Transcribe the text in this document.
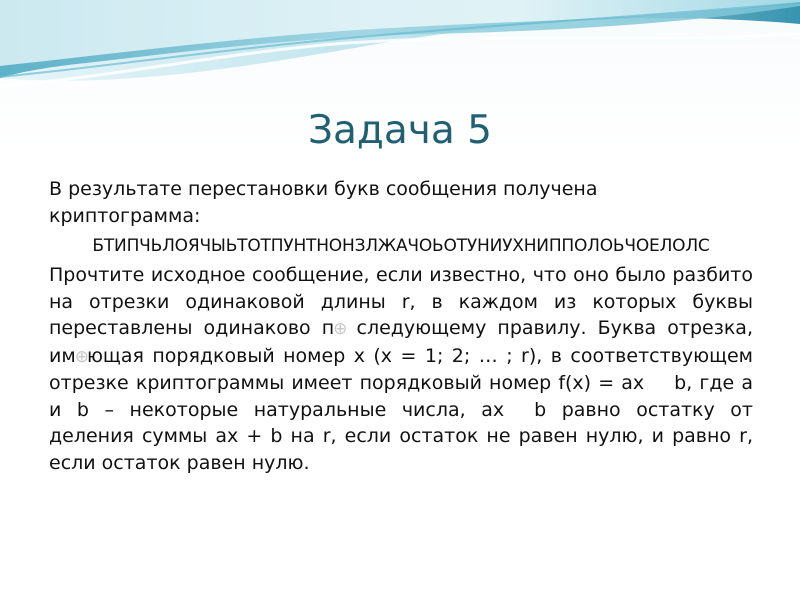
Задача 5

В результате перестановки букв сообщения получена криптограмма:

БТИПЧЬЛОЯЧЫЬТОТПУНТНОНЗЛЖАЧОЬОТУНИУХНИППОЛОЬЧОЕЛОЛС

Прочтите исходное сообщение, если известно, что оно было разбито на отрезки одинаковой длины r, в каждом из которых буквы переставлены одинаково п⊕ следующему правилу. Буква отрезка, им⊕ющая порядковый номер x (x = 1; 2; … ; r), в соответствующем отрезке криптограммы имеет порядковый номер f(x) = ax b, где a и b – некоторые натуральные числа, ax b равно остатку от деления суммы ax + b на r, если остаток не равен нулю, и равно r, если остаток равен нулю.
